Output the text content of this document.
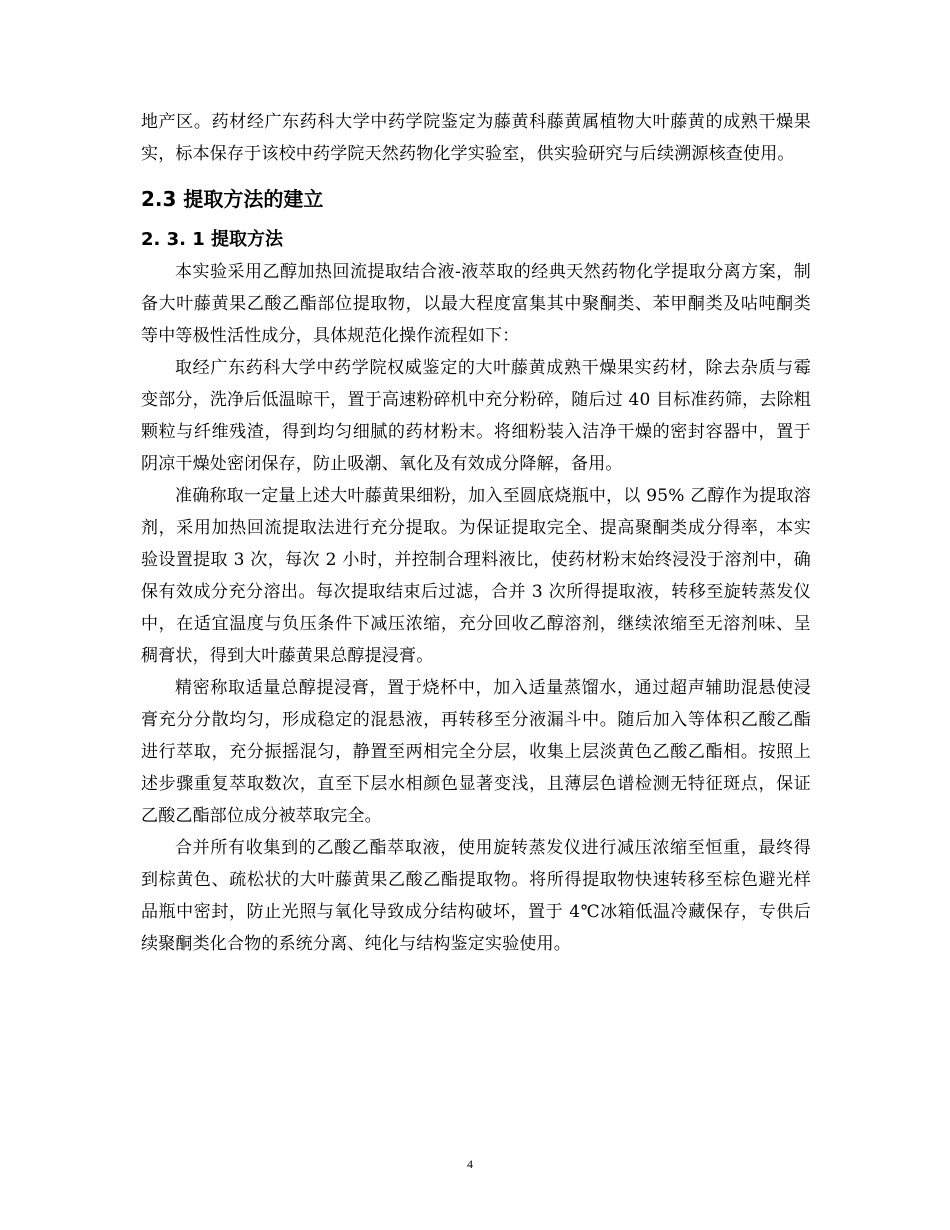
地产区。药材经广东药科大学中药学院鉴定为藤黄科藤黄属植物大叶藤黄的成熟干燥果实，标本保存于该校中药学院天然药物化学实验室，供实验研究与后续溯源核查使用。

2.3 提取方法的建立
2. 3. 1 提取方法

本实验采用乙醇加热回流提取结合液-液萃取的经典天然药物化学提取分离方案，制备大叶藤黄果乙酸乙酯部位提取物，以最大程度富集其中聚酮类、苯甲酮类及呫吨酮类等中等极性活性成分，具体规范化操作流程如下：

取经广东药科大学中药学院权威鉴定的大叶藤黄成熟干燥果实药材，除去杂质与霉变部分，洗净后低温晾干，置于高速粉碎机中充分粉碎，随后过 40 目标准药筛，去除粗颗粒与纤维残渣，得到均匀细腻的药材粉末。将细粉装入洁净干燥的密封容器中，置于阴凉干燥处密闭保存，防止吸潮、氧化及有效成分降解，备用。

准确称取一定量上述大叶藤黄果细粉，加入至圆底烧瓶中，以 95% 乙醇作为提取溶剂，采用加热回流提取法进行充分提取。为保证提取完全、提高聚酮类成分得率，本实验设置提取 3 次，每次 2 小时，并控制合理料液比，使药材粉末始终浸没于溶剂中，确保有效成分充分溶出。每次提取结束后过滤，合并 3 次所得提取液，转移至旋转蒸发仪中，在适宜温度与负压条件下减压浓缩，充分回收乙醇溶剂，继续浓缩至无溶剂味、呈稠膏状，得到大叶藤黄果总醇提浸膏。

精密称取适量总醇提浸膏，置于烧杯中，加入适量蒸馏水，通过超声辅助混悬使浸膏充分分散均匀，形成稳定的混悬液，再转移至分液漏斗中。随后加入等体积乙酸乙酯进行萃取，充分振摇混匀，静置至两相完全分层，收集上层淡黄色乙酸乙酯相。按照上述步骤重复萃取数次，直至下层水相颜色显著变浅，且薄层色谱检测无特征斑点，保证乙酸乙酯部位成分被萃取完全。

合并所有收集到的乙酸乙酯萃取液，使用旋转蒸发仪进行减压浓缩至恒重，最终得到棕黄色、疏松状的大叶藤黄果乙酸乙酯提取物。将所得提取物快速转移至棕色避光样品瓶中密封，防止光照与氧化导致成分结构破坏，置于 4℃冰箱低温冷藏保存，专供后续聚酮类化合物的系统分离、纯化与结构鉴定实验使用。

4
